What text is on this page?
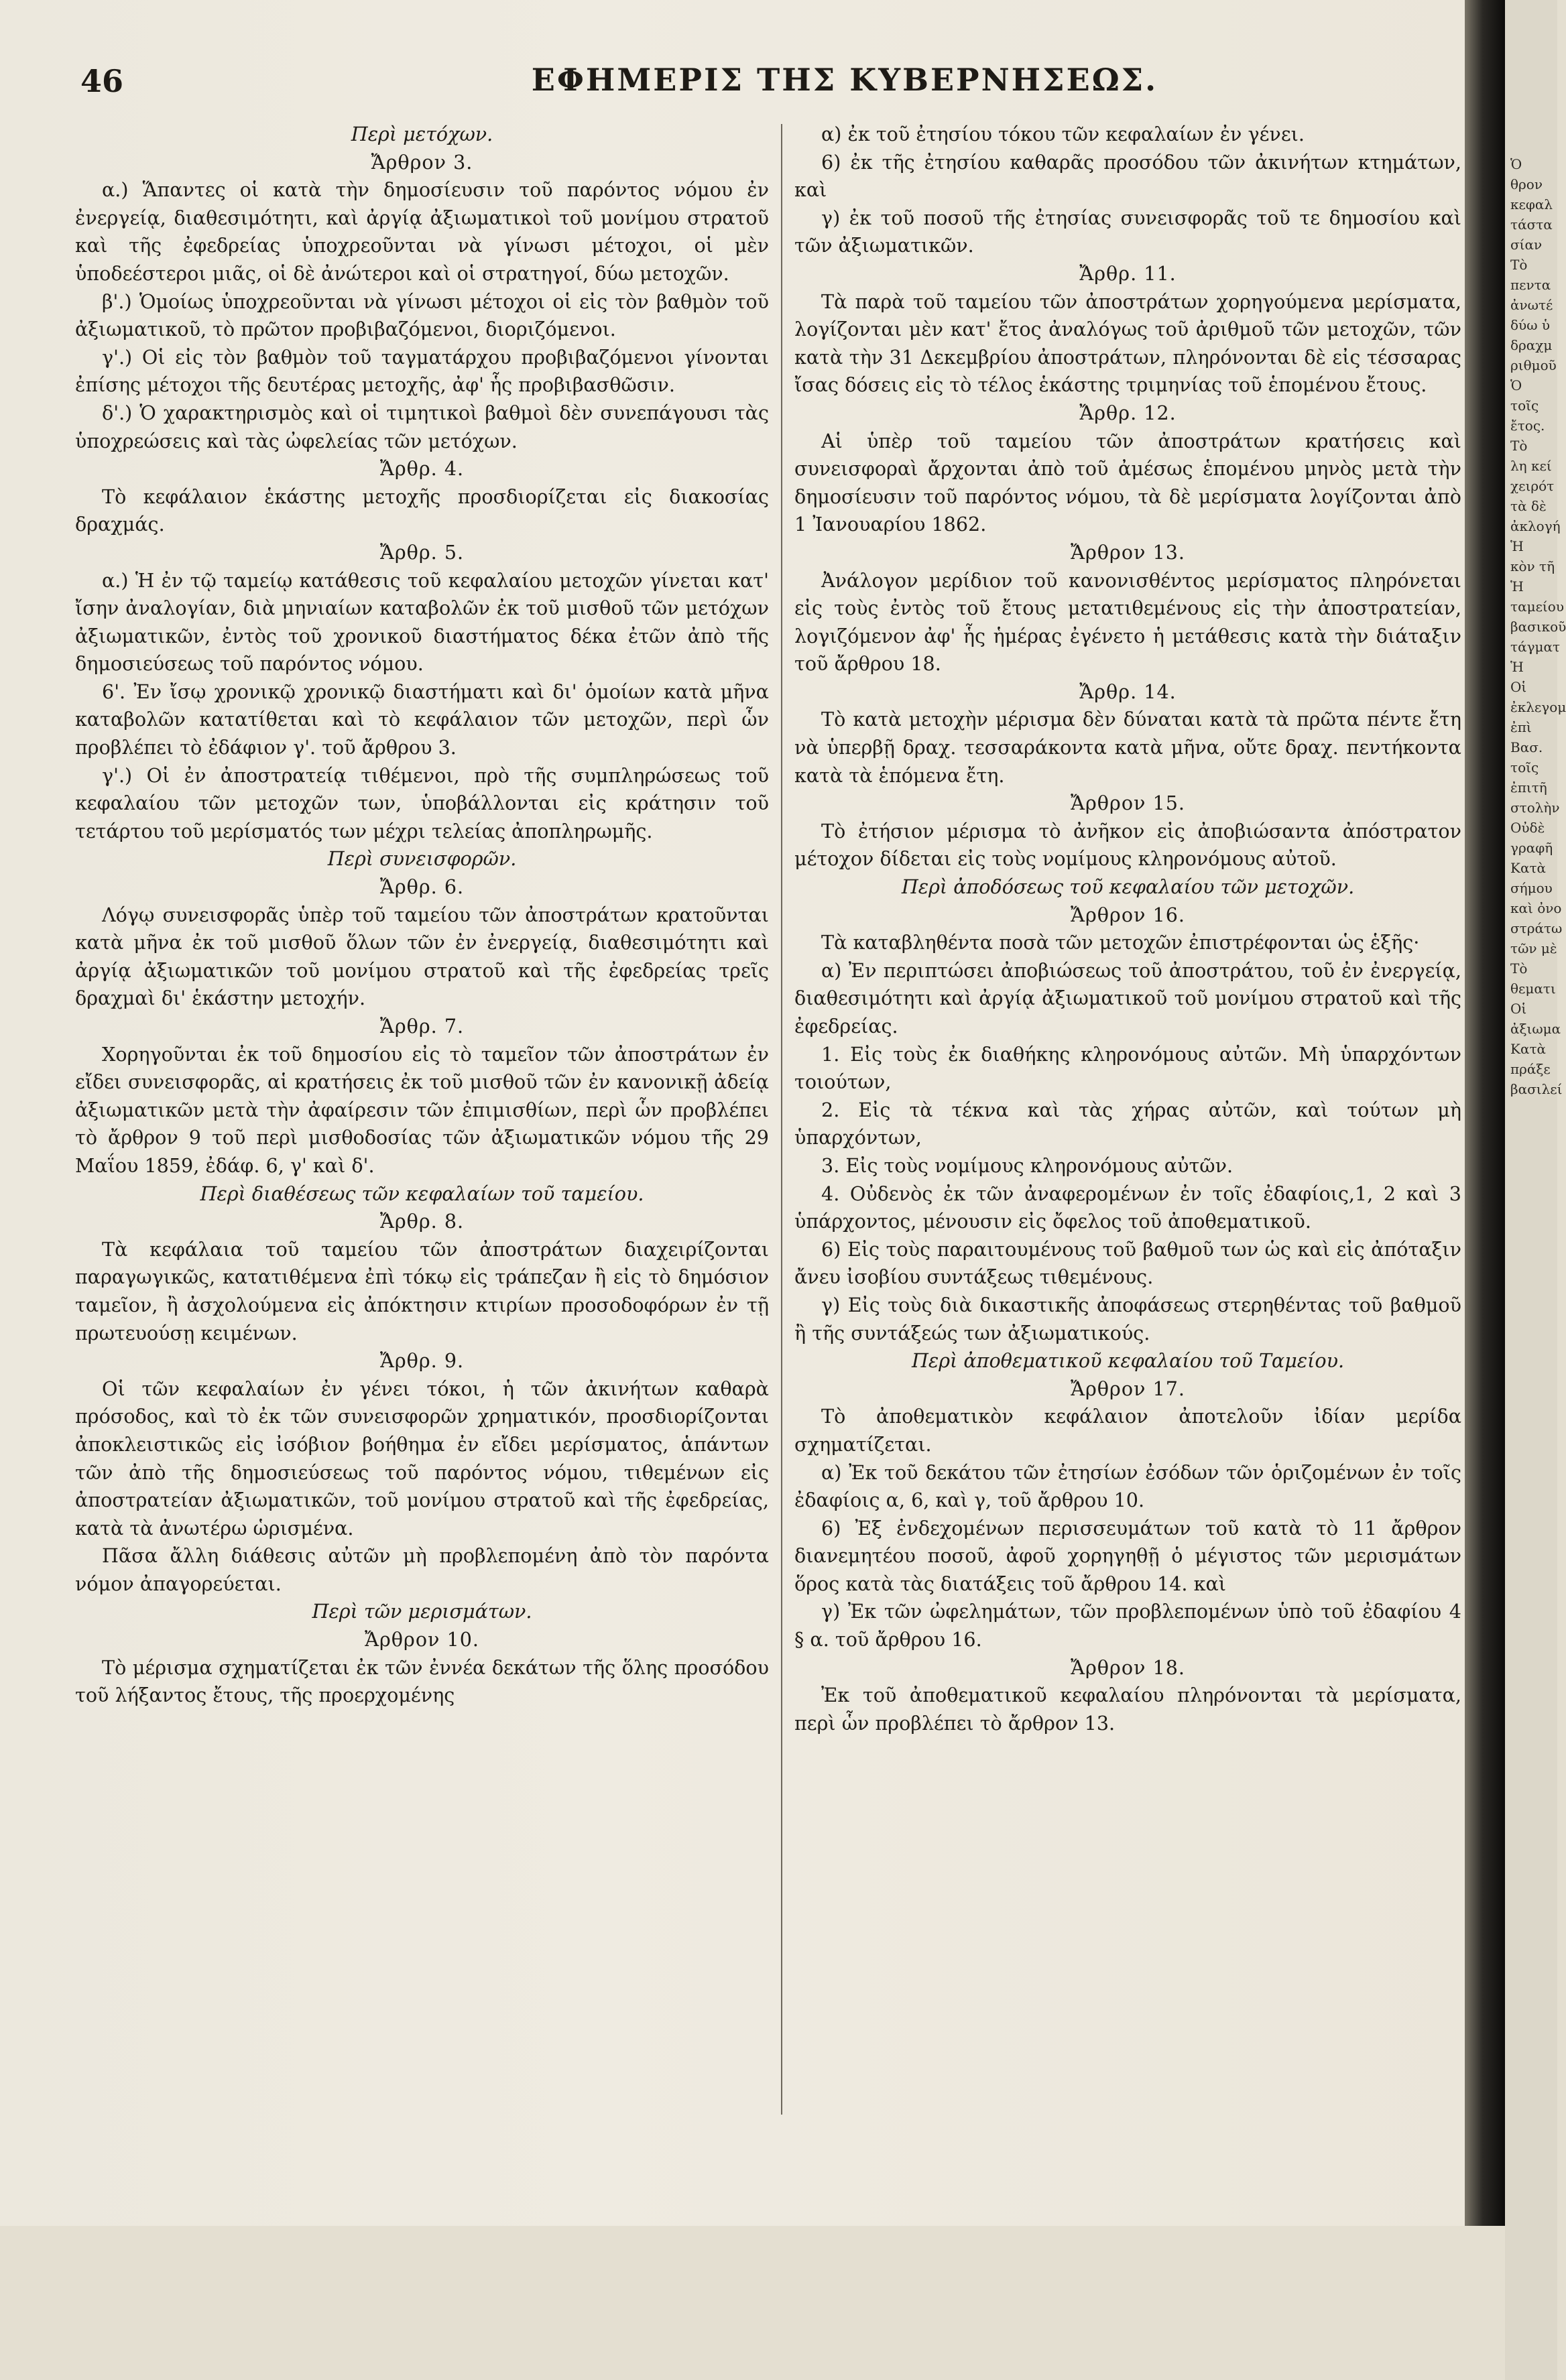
46	ΕΦΗΜΕΡΙΣ ΤΗΣ ΚΥΒΕΡΝΗΣΕΩΣ.

Περὶ μετόχων.

Ἄρθρον 3.

α.) Ἅπαντες οἱ κατὰ τὴν δημοσίευσιν τοῦ παρόντος νόμου ἐν ἐνεργείᾳ, διαθεσιμότητι, καὶ ἀργίᾳ ἀξιωματικοὶ τοῦ μονίμου στρατοῦ καὶ τῆς ἐφεδρείας ὑποχρεοῦνται νὰ γίνωσι μέτοχοι, οἱ μὲν ὑποδεέστεροι μιᾶς, οἱ δὲ ἀνώτεροι καὶ οἱ στρατηγοί, δύω μετοχῶν.

β'.) Ὁμοίως ὑποχρεοῦνται νὰ γίνωσι μέτοχοι οἱ εἰς τὸν βαθμὸν τοῦ ἀξιωματικοῦ, τὸ πρῶτον προβιβαζόμενοι, διοριζόμενοι.

γ'.) Οἱ εἰς τὸν βαθμὸν τοῦ ταγματάρχου προβιβαζόμενοι γίνονται ἐπίσης μέτοχοι τῆς δευτέρας μετοχῆς, ἀφ' ἧς προβιβασθῶσιν.

δ'.) Ὁ χαρακτηρισμὸς καὶ οἱ τιμητικοὶ βαθμοὶ δὲν συνεπάγουσι τὰς ὑποχρεώσεις καὶ τὰς ὠφελείας τῶν μετόχων.

Ἄρθρ. 4.

Τὸ κεφάλαιον ἑκάστης μετοχῆς προσδιορίζεται εἰς διακοσίας δραχμάς.

Ἄρθρ. 5.

α.) Ἡ ἐν τῷ ταμείῳ κατάθεσις τοῦ κεφαλαίου μετοχῶν γίνεται κατ' ἴσην ἀναλογίαν, διὰ μηνιαίων καταβολῶν ἐκ τοῦ μισθοῦ τῶν μετόχων ἀξιωματικῶν, ἐντὸς τοῦ χρονικοῦ διαστήματος δέκα ἐτῶν ἀπὸ τῆς δημοσιεύσεως τοῦ παρόντος νόμου.

6'. Ἐν ἴσῳ χρονικῷ χρονικῷ διαστήματι καὶ δι' ὁμοίων κατὰ μῆνα καταβολῶν κατατίθεται καὶ τὸ κεφάλαιον τῶν μετοχῶν, περὶ ὧν προβλέπει τὸ ἐδάφιον γ'. τοῦ ἄρθρου 3.

γ'.) Οἱ ἐν ἀποστρατείᾳ τιθέμενοι, πρὸ τῆς συμπληρώσεως τοῦ κεφαλαίου τῶν μετοχῶν των, ὑποβάλλονται εἰς κράτησιν τοῦ τετάρτου τοῦ μερίσματός των μέχρι τελείας ἀποπληρωμῆς.

Περὶ συνεισφορῶν.

Ἄρθρ. 6.

Λόγῳ συνεισφορᾶς ὑπὲρ τοῦ ταμείου τῶν ἀποστράτων κρατοῦνται κατὰ μῆνα ἐκ τοῦ μισθοῦ ὅλων τῶν ἐν ἐνεργείᾳ, διαθεσιμότητι καὶ ἀργίᾳ ἀξιωματικῶν τοῦ μονίμου στρατοῦ καὶ τῆς ἐφεδρείας τρεῖς δραχμαὶ δι' ἑκάστην μετοχήν.

Ἄρθρ. 7.

Χορηγοῦνται ἐκ τοῦ δημοσίου εἰς τὸ ταμεῖον τῶν ἀποστράτων ἐν εἴδει συνεισφορᾶς, αἱ κρατήσεις ἐκ τοῦ μισθοῦ τῶν ἐν κανονικῇ ἀδείᾳ ἀξιωματικῶν μετὰ τὴν ἀφαίρεσιν τῶν ἐπιμισθίων, περὶ ὧν προβλέπει τὸ ἄρθρον 9 τοῦ περὶ μισθοδοσίας τῶν ἀξιωματικῶν νόμου τῆς 29 Μαΐου 1859, ἐδάφ. 6, γ' καὶ δ'.

Περὶ διαθέσεως τῶν κεφαλαίων τοῦ ταμείου.

Ἄρθρ. 8.

Τὰ κεφάλαια τοῦ ταμείου τῶν ἀποστράτων διαχειρίζονται παραγωγικῶς, κατατιθέμενα ἐπὶ τόκῳ εἰς τράπεζαν ἢ εἰς τὸ δημόσιον ταμεῖον, ἢ ἀσχολούμενα εἰς ἀπόκτησιν κτιρίων προσοδοφόρων ἐν τῇ πρωτευούσῃ κειμένων.

Ἄρθρ. 9.

Οἱ τῶν κεφαλαίων ἐν γένει τόκοι, ἡ τῶν ἀκινήτων καθαρὰ πρόσοδος, καὶ τὸ ἐκ τῶν συνεισφορῶν χρηματικόν, προσδιορίζονται ἀποκλειστικῶς εἰς ἰσόβιον βοήθημα ἐν εἴδει μερίσματος, ἁπάντων τῶν ἀπὸ τῆς δημοσιεύσεως τοῦ παρόντος νόμου, τιθεμένων εἰς ἀποστρατείαν ἀξιωματικῶν, τοῦ μονίμου στρατοῦ καὶ τῆς ἐφεδρείας, κατὰ τὰ ἀνωτέρω ὡρισμένα.

Πᾶσα ἄλλη διάθεσις αὐτῶν μὴ προβλεπομένη ἀπὸ τὸν παρόντα νόμον ἀπαγορεύεται.

Περὶ τῶν μερισμάτων.

Ἄρθρον 10.

Τὸ μέρισμα σχηματίζεται ἐκ τῶν ἐννέα δεκάτων τῆς ὅλης προσόδου τοῦ λήξαντος ἔτους, τῆς προερχομένης

α) ἐκ τοῦ ἐτησίου τόκου τῶν κεφαλαίων ἐν γένει.

6) ἐκ τῆς ἐτησίου καθαρᾶς προσόδου τῶν ἀκινήτων κτημάτων, καὶ

γ) ἐκ τοῦ ποσοῦ τῆς ἐτησίας συνεισφορᾶς τοῦ τε δημοσίου καὶ τῶν ἀξιωματικῶν.

Ἄρθρ. 11.

Τὰ παρὰ τοῦ ταμείου τῶν ἀποστράτων χορηγούμενα μερίσματα, λογίζονται μὲν κατ' ἔτος ἀναλόγως τοῦ ἀριθμοῦ τῶν μετοχῶν, τῶν κατὰ τὴν 31 Δεκεμβρίου ἀποστράτων, πληρόνονται δὲ εἰς τέσσαρας ἴσας δόσεις εἰς τὸ τέλος ἑκάστης τριμηνίας τοῦ ἑπομένου ἔτους.

Ἄρθρ. 12.

Αἱ ὑπὲρ τοῦ ταμείου τῶν ἀποστράτων κρατήσεις καὶ συνεισφοραὶ ἄρχονται ἀπὸ τοῦ ἀμέσως ἑπομένου μηνὸς μετὰ τὴν δημοσίευσιν τοῦ παρόντος νόμου, τὰ δὲ μερίσματα λογίζονται ἀπὸ 1 Ἰανουαρίου 1862.

Ἄρθρον 13.

Ἀνάλογον μερίδιον τοῦ κανονισθέντος μερίσματος πληρόνεται εἰς τοὺς ἐντὸς τοῦ ἔτους μετατιθεμένους εἰς τὴν ἀποστρατείαν, λογιζόμενον ἀφ' ἧς ἡμέρας ἐγένετο ἡ μετάθεσις κατὰ τὴν διάταξιν τοῦ ἄρθρου 18.

Ἄρθρ. 14.

Τὸ κατὰ μετοχὴν μέρισμα δὲν δύναται κατὰ τὰ πρῶτα πέντε ἔτη νὰ ὑπερβῇ δραχ. τεσσαράκοντα κατὰ μῆνα, οὔτε δραχ. πεντήκοντα κατὰ τὰ ἑπόμενα ἔτη.

Ἄρθρον 15.

Τὸ ἐτήσιον μέρισμα τὸ ἀνῆκον εἰς ἀποβιώσαντα ἀπόστρατον μέτοχον δίδεται εἰς τοὺς νομίμους κληρονόμους αὐτοῦ.

Περὶ ἀποδόσεως τοῦ κεφαλαίου τῶν μετοχῶν.

Ἄρθρον 16.

Τὰ καταβληθέντα ποσὰ τῶν μετοχῶν ἐπιστρέφονται ὡς ἑξῆς·

α) Ἐν περιπτώσει ἀποβιώσεως τοῦ ἀποστράτου, τοῦ ἐν ἐνεργείᾳ, διαθεσιμότητι καὶ ἀργίᾳ ἀξιωματικοῦ τοῦ μονίμου στρατοῦ καὶ τῆς ἐφεδρείας.

1. Εἰς τοὺς ἐκ διαθήκης κληρονόμους αὐτῶν. Μὴ ὑπαρχόντων τοιούτων,

2. Εἰς τὰ τέκνα καὶ τὰς χήρας αὐτῶν, καὶ τούτων μὴ ὑπαρχόντων,

3. Εἰς τοὺς νομίμους κληρονόμους αὐτῶν.

4. Οὐδενὸς ἐκ τῶν ἀναφερομένων ἐν τοῖς ἐδαφίοις,1, 2 καὶ 3 ὑπάρχοντος, μένουσιν εἰς ὄφελος τοῦ ἀποθεματικοῦ.

6) Εἰς τοὺς παραιτουμένους τοῦ βαθμοῦ των ὡς καὶ εἰς ἀπόταξιν ἄνευ ἰσοβίου συντάξεως τιθεμένους.

γ) Εἰς τοὺς διὰ δικαστικῆς ἀποφάσεως στερηθέντας τοῦ βαθμοῦ ἢ τῆς συντάξεώς των ἀξιωματικούς.

Περὶ ἀποθεματικοῦ κεφαλαίου τοῦ Ταμείου.

Ἄρθρον 17.

Τὸ ἀποθεματικὸν κεφάλαιον ἀποτελοῦν ἰδίαν μερίδα σχηματίζεται.

α) Ἐκ τοῦ δεκάτου τῶν ἐτησίων ἐσόδων τῶν ὁριζομένων ἐν τοῖς ἐδαφίοις α, 6, καὶ γ, τοῦ ἄρθρου 10.

6) Ἐξ ἐνδεχομένων περισσευμάτων τοῦ κατὰ τὸ 11 ἄρθρον διανεμητέου ποσοῦ, ἀφοῦ χορηγηθῇ ὁ μέγιστος τῶν μερισμάτων ὅρος κατὰ τὰς διατάξεις τοῦ ἄρθρου 14. καὶ

γ) Ἐκ τῶν ὠφελημάτων, τῶν προβλεπομένων ὑπὸ τοῦ ἐδαφίου 4 § α. τοῦ ἄρθρου 16.

Ἄρθρον 18.

Ἐκ τοῦ ἀποθεματικοῦ κεφαλαίου πληρόνονται τὰ μερίσματα, περὶ ὧν προβλέπει τὸ ἄρθρον 13.

Ὁ
θρον
κεφαλ
τάστα
σίαν
Τὸ
πεντα
ἀνωτέ
δύω ὑ
δραχμ
ριθμοῦ
Ὁ
τοῖς
ἔτος.
Τὸ
λη κεί
χειρότ
τὰ δὲ
ἀκλογή
Ἡ
κὸν τῆ
Ἡ
ταμείου
βασικοῦ
τάγματ
Ἡ
Οἱ
ἐκλεγομ
ἐπὶ
Βασ.
τοῖς
ἐπιτῆ
στολὴν
Οὐδὲ
γραφῆ
Κατὰ
σήμου
καὶ ὀνο
στράτω
τῶν μὲ
Τὸ
θεματι
Οἱ
ἀξιωμα
Κατὰ
πράξε
βασιλεί
